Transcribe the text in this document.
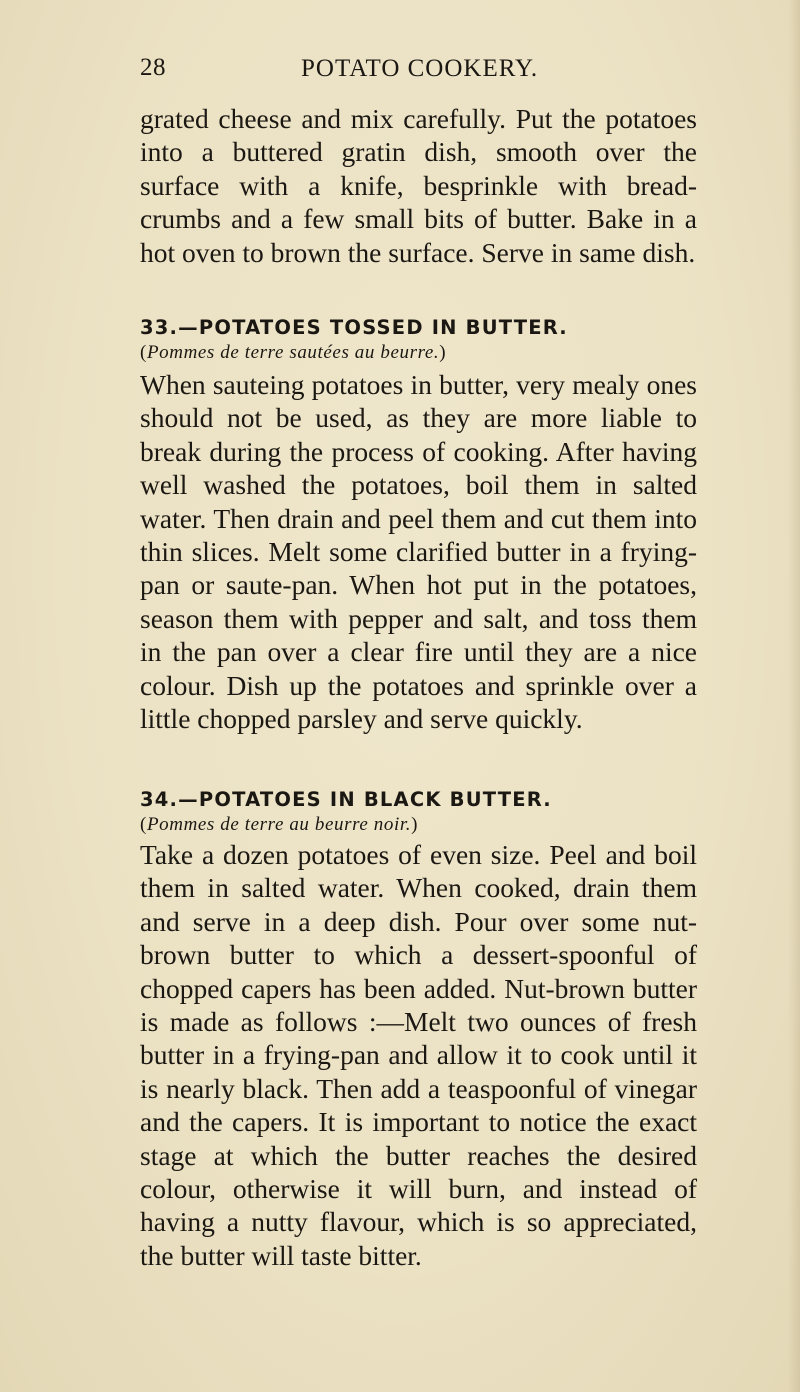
28	POTATO COOKERY.

grated cheese and mix carefully. Put the potatoes into a buttered gratin dish, smooth over the surface with a knife, besprinkle with bread-crumbs and a few small bits of butter. Bake in a hot oven to brown the surface. Serve in same dish.

33.—POTATOES TOSSED IN BUTTER.
(Pommes de terre sautées au beurre.)

When sauteing potatoes in butter, very mealy ones should not be used, as they are more liable to break during the process of cooking. After having well washed the potatoes, boil them in salted water. Then drain and peel them and cut them into thin slices. Melt some clarified butter in a frying-pan or saute-pan. When hot put in the potatoes, season them with pepper and salt, and toss them in the pan over a clear fire until they are a nice colour. Dish up the potatoes and sprinkle over a little chopped parsley and serve quickly.

34.—POTATOES IN BLACK BUTTER.
(Pommes de terre au beurre noir.)

Take a dozen potatoes of even size. Peel and boil them in salted water. When cooked, drain them and serve in a deep dish. Pour over some nut-brown butter to which a dessert-spoonful of chopped capers has been added. Nut-brown butter is made as follows :—Melt two ounces of fresh butter in a frying-pan and allow it to cook until it is nearly black. Then add a teaspoonful of vinegar and the capers. It is important to notice the exact stage at which the butter reaches the desired colour, otherwise it will burn, and instead of having a nutty flavour, which is so appreciated, the butter will taste bitter.
